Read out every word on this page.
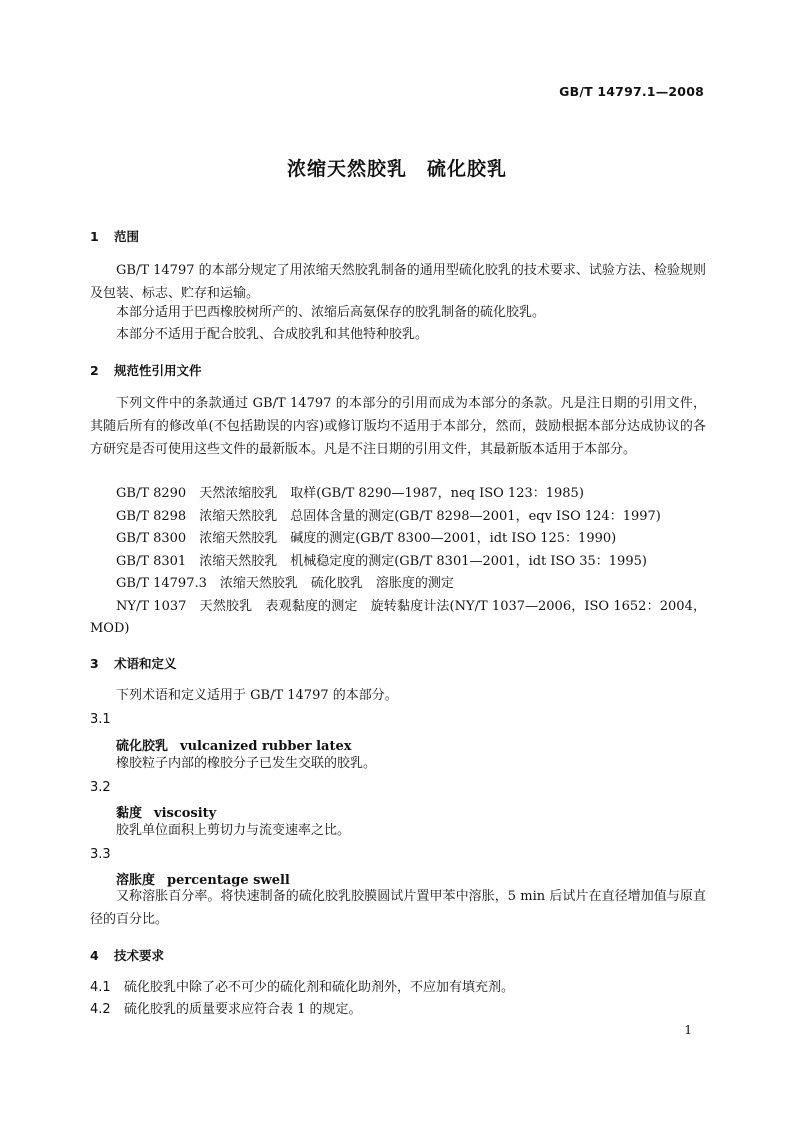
GB/T 14797.1—2008
浓缩天然胶乳　硫化胶乳
1 范围

GB/T 14797 的本部分规定了用浓缩天然胶乳制备的通用型硫化胶乳的技术要求、试验方法、检验规则及包装、标志、贮存和运输。

本部分适用于巴西橡胶树所产的、浓缩后高氨保存的胶乳制备的硫化胶乳。
本部分不适用于配合胶乳、合成胶乳和其他特种胶乳。
2 规范性引用文件

下列文件中的条款通过 GB/T 14797 的本部分的引用而成为本部分的条款。凡是注日期的引用文件，其随后所有的修改单(不包括勘误的内容)或修订版均不适用于本部分，然而，鼓励根据本部分达成协议的各方研究是否可使用这些文件的最新版本。凡是不注日期的引用文件，其最新版本适用于本部分。

GB/T 8290　天然浓缩胶乳　取样(GB/T 8290—1987，neq ISO 123：1985)
GB/T 8298　浓缩天然胶乳　总固体含量的测定(GB/T 8298—2001，eqv ISO 124：1997)
GB/T 8300　浓缩天然胶乳　碱度的测定(GB/T 8300—2001，idt ISO 125：1990)
GB/T 8301　浓缩天然胶乳　机械稳定度的测定(GB/T 8301—2001，idt ISO 35：1995)
GB/T 14797.3　浓缩天然胶乳　硫化胶乳　溶胀度的测定

NY/T 1037　天然胶乳　表观黏度的测定　旋转黏度计法(NY/T 1037—2006，ISO 1652：2004，MOD)

3 术语和定义
下列术语和定义适用于 GB/T 14797 的本部分。
3.1
硫化胶乳 vulcanized rubber latex
橡胶粒子内部的橡胶分子已发生交联的胶乳。
3.2
黏度 viscosity
胶乳单位面积上剪切力与流变速率之比。
3.3
溶胀度 percentage swell

又称溶胀百分率。将快速制备的硫化胶乳胶膜圆试片置甲苯中溶胀，5 min 后试片在直径增加值与原直径的百分比。

4 技术要求
4.1 硫化胶乳中除了必不可少的硫化剂和硫化助剂外，不应加有填充剂。
4.2 硫化胶乳的质量要求应符合表 1 的规定。
1
